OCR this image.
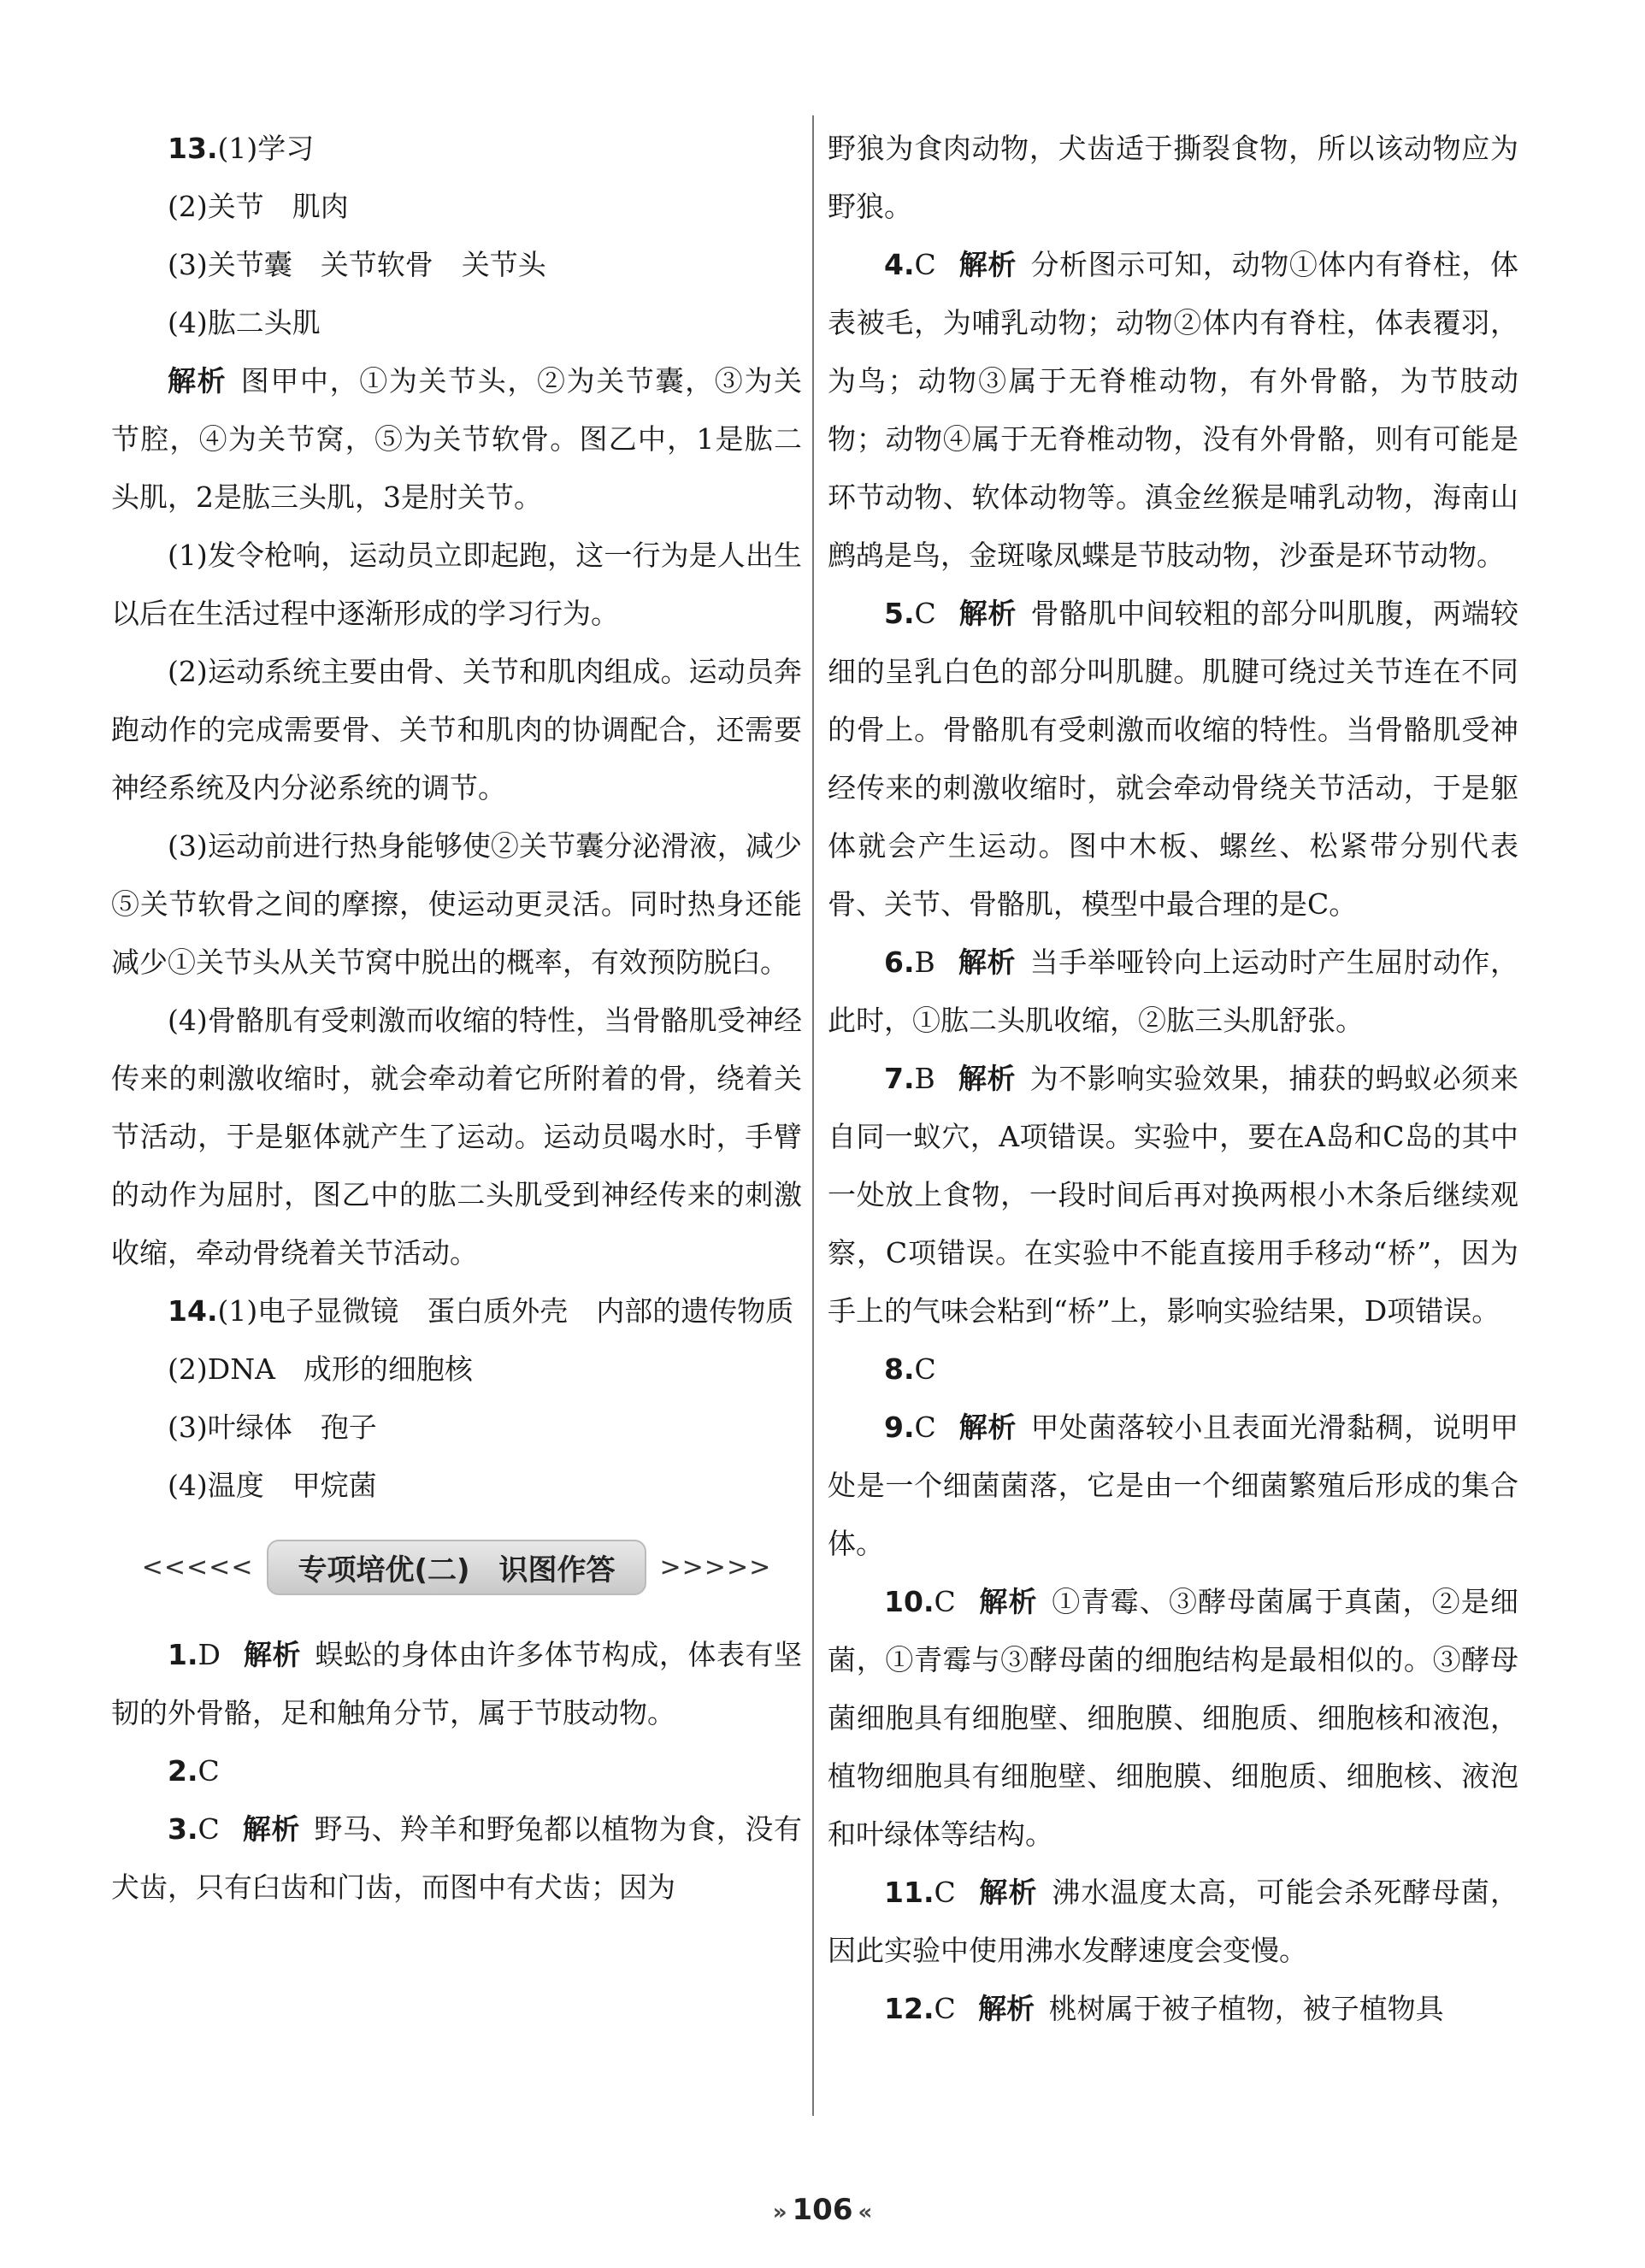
13.(1)学习

(2)关节　肌肉

(3)关节囊　关节软骨　关节头

(4)肱二头肌

解析 图甲中，①为关节头，②为关节囊，③为关节腔，④为关节窝，⑤为关节软骨。图乙中，1是肱二头肌，2是肱三头肌，3是肘关节。

(1)发令枪响，运动员立即起跑，这一行为是人出生以后在生活过程中逐渐形成的学习行为。

(2)运动系统主要由骨、关节和肌肉组成。运动员奔跑动作的完成需要骨、关节和肌肉的协调配合，还需要神经系统及内分泌系统的调节。

(3)运动前进行热身能够使②关节囊分泌滑液，减少⑤关节软骨之间的摩擦，使运动更灵活。同时热身还能减少①关节头从关节窝中脱出的概率，有效预防脱臼。

(4)骨骼肌有受刺激而收缩的特性，当骨骼肌受神经传来的刺激收缩时，就会牵动着它所附着的骨，绕着关节活动，于是躯体就产生了运动。运动员喝水时，手臂的动作为屈肘，图乙中的肱二头肌受到神经传来的刺激收缩，牵动骨绕着关节活动。

14.(1)电子显微镜　蛋白质外壳　内部的遗传物质

(2)DNA　成形的细胞核

(3)叶绿体　孢子

(4)温度　甲烷菌

<<<<<	专项培优(二)　识图作答	>>>>>

1.D 解析 蜈蚣的身体由许多体节构成，体表有坚韧的外骨骼，足和触角分节，属于节肢动物。

2.C

3.C 解析 野马、羚羊和野兔都以植物为食，没有犬齿，只有臼齿和门齿，而图中有犬齿；因为

野狼为食肉动物，犬齿适于撕裂食物，所以该动物应为野狼。

4.C 解析 分析图示可知，动物①体内有脊柱，体表被毛，为哺乳动物；动物②体内有脊柱，体表覆羽，为鸟；动物③属于无脊椎动物，有外骨骼，为节肢动物；动物④属于无脊椎动物，没有外骨骼，则有可能是环节动物、软体动物等。滇金丝猴是哺乳动物，海南山鹧鸪是鸟，金斑喙凤蝶是节肢动物，沙蚕是环节动物。

5.C 解析 骨骼肌中间较粗的部分叫肌腹，两端较细的呈乳白色的部分叫肌腱。肌腱可绕过关节连在不同的骨上。骨骼肌有受刺激而收缩的特性。当骨骼肌受神经传来的刺激收缩时，就会牵动骨绕关节活动，于是躯体就会产生运动。图中木板、螺丝、松紧带分别代表骨、关节、骨骼肌，模型中最合理的是C。

6.B 解析 当手举哑铃向上运动时产生屈肘动作，此时，①肱二头肌收缩，②肱三头肌舒张。

7.B 解析 为不影响实验效果，捕获的蚂蚁必须来自同一蚁穴，A项错误。实验中，要在A岛和C岛的其中一处放上食物，一段时间后再对换两根小木条后继续观察，C项错误。在实验中不能直接用手移动“桥”，因为手上的气味会粘到“桥”上，影响实验结果，D项错误。

8.C

9.C 解析 甲处菌落较小且表面光滑黏稠，说明甲处是一个细菌菌落，它是由一个细菌繁殖后形成的集合体。

10.C 解析 ①青霉、③酵母菌属于真菌，②是细菌，①青霉与③酵母菌的细胞结构是最相似的。③酵母菌细胞具有细胞壁、细胞膜、细胞质、细胞核和液泡，植物细胞具有细胞壁、细胞膜、细胞质、细胞核、液泡和叶绿体等结构。

11.C 解析 沸水温度太高，可能会杀死酵母菌，因此实验中使用沸水发酵速度会变慢。

12.C 解析 桃树属于被子植物，被子植物具

» 106 «
